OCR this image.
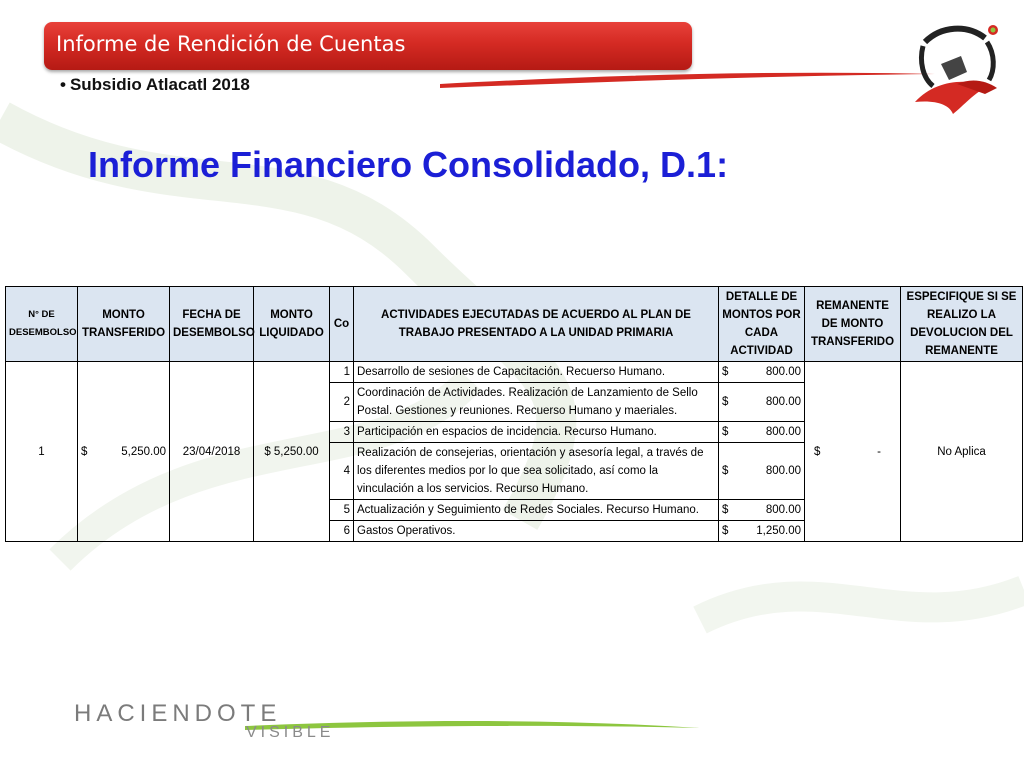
Informe de Rendición de Cuentas
• Subsidio Atlacatl 2018
Informe Financiero Consolidado, D.1:
N° DE DESEMBOLSO	MONTO TRANSFERIDO	FECHA DE DESEMBOLSO	MONTO LIQUIDADO	Co	ACTIVIDADES EJECUTADAS DE ACUERDO AL PLAN DE TRABAJO PRESENTADO A LA UNIDAD PRIMARIA	DETALLE DE MONTOS POR CADA ACTIVIDAD	REMANENTE DE MONTO TRANSFERIDO	ESPECIFIQUE SI SE REALIZO LA DEVOLUCION DEL REMANENTE
1	$ 5,250.00	23/04/2018	$ 5,250.00	1	Desarrollo de sesiones de Capacitación. Recuerso Humano.	$ 800.00	$ -	No Aplica
				2	Coordinación de Actividades. Realización de Lanzamiento de Sello Postal. Gestiones y reuniones. Recuerso Humano y maeriales.	$ 800.00		

				3	Participación en espacios de incidencia. Recurso Humano.	$ 800.00		

				4	Realización de consejerias, orientación y asesoría legal, a través de los diferentes medios por lo que sea solicitado, así como la vinculación a los servicios. Recurso Humano.	$ 800.00		

				5	Actualización y Seguimiento de Redes Sociales. Recurso Humano.	$ 800.00		

				6	Gastos Operativos.	$ 1,250.00		
HACIENDOTE
VISIBLE
